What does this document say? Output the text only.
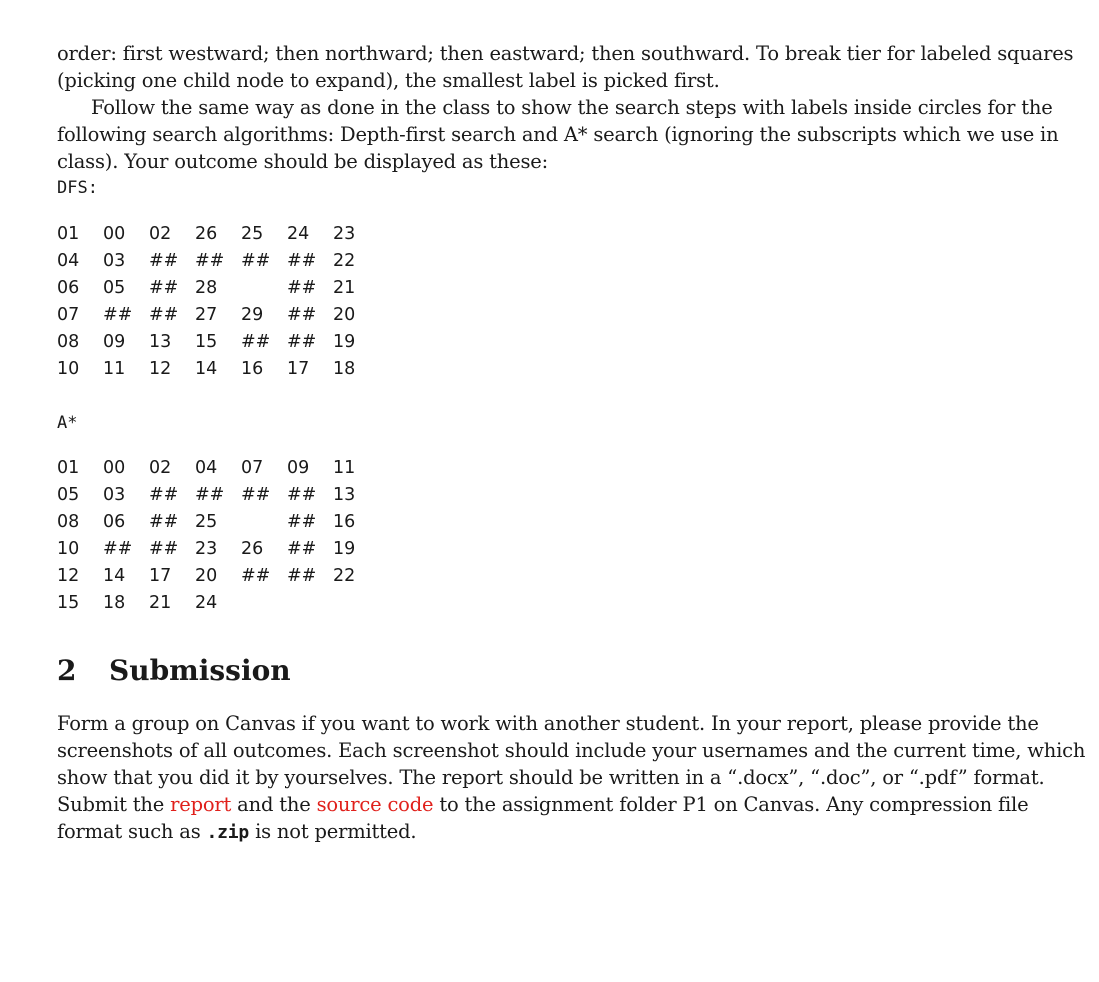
order: first westward; then northward; then eastward; then southward. To break tier for labeled squares
(picking one child node to expand), the smallest label is picked first.
Follow the same way as done in the class to show the search steps with labels inside circles for the
following search algorithms: Depth-first search and A* search (ignoring the subscripts which we use in
class). Your outcome should be displayed as these:

DFS:
01	00	02	26	25	24	23
04	03	##	##	##	##	22
06	05	##	28		##	21
07	##	##	27	29	##	20
08	09	13	15	##	##	19
10	11	12	14	16	17	18
A*
01	00	02	04	07	09	11
05	03	##	##	##	##	13
08	06	##	25		##	16
10	##	##	23	26	##	19
12	14	17	20	##	##	22
15	18	21	24			
2 Submission

Form a group on Canvas if you want to work with another student. In your report, please provide the
screenshots of all outcomes. Each screenshot should include your usernames and the current time, which
show that you did it by yourselves. The report should be written in a “.docx”, “.doc”, or “.pdf” format.
Submit the report and the source code to the assignment folder P1 on Canvas. Any compression file
format such as .zip is not permitted.
